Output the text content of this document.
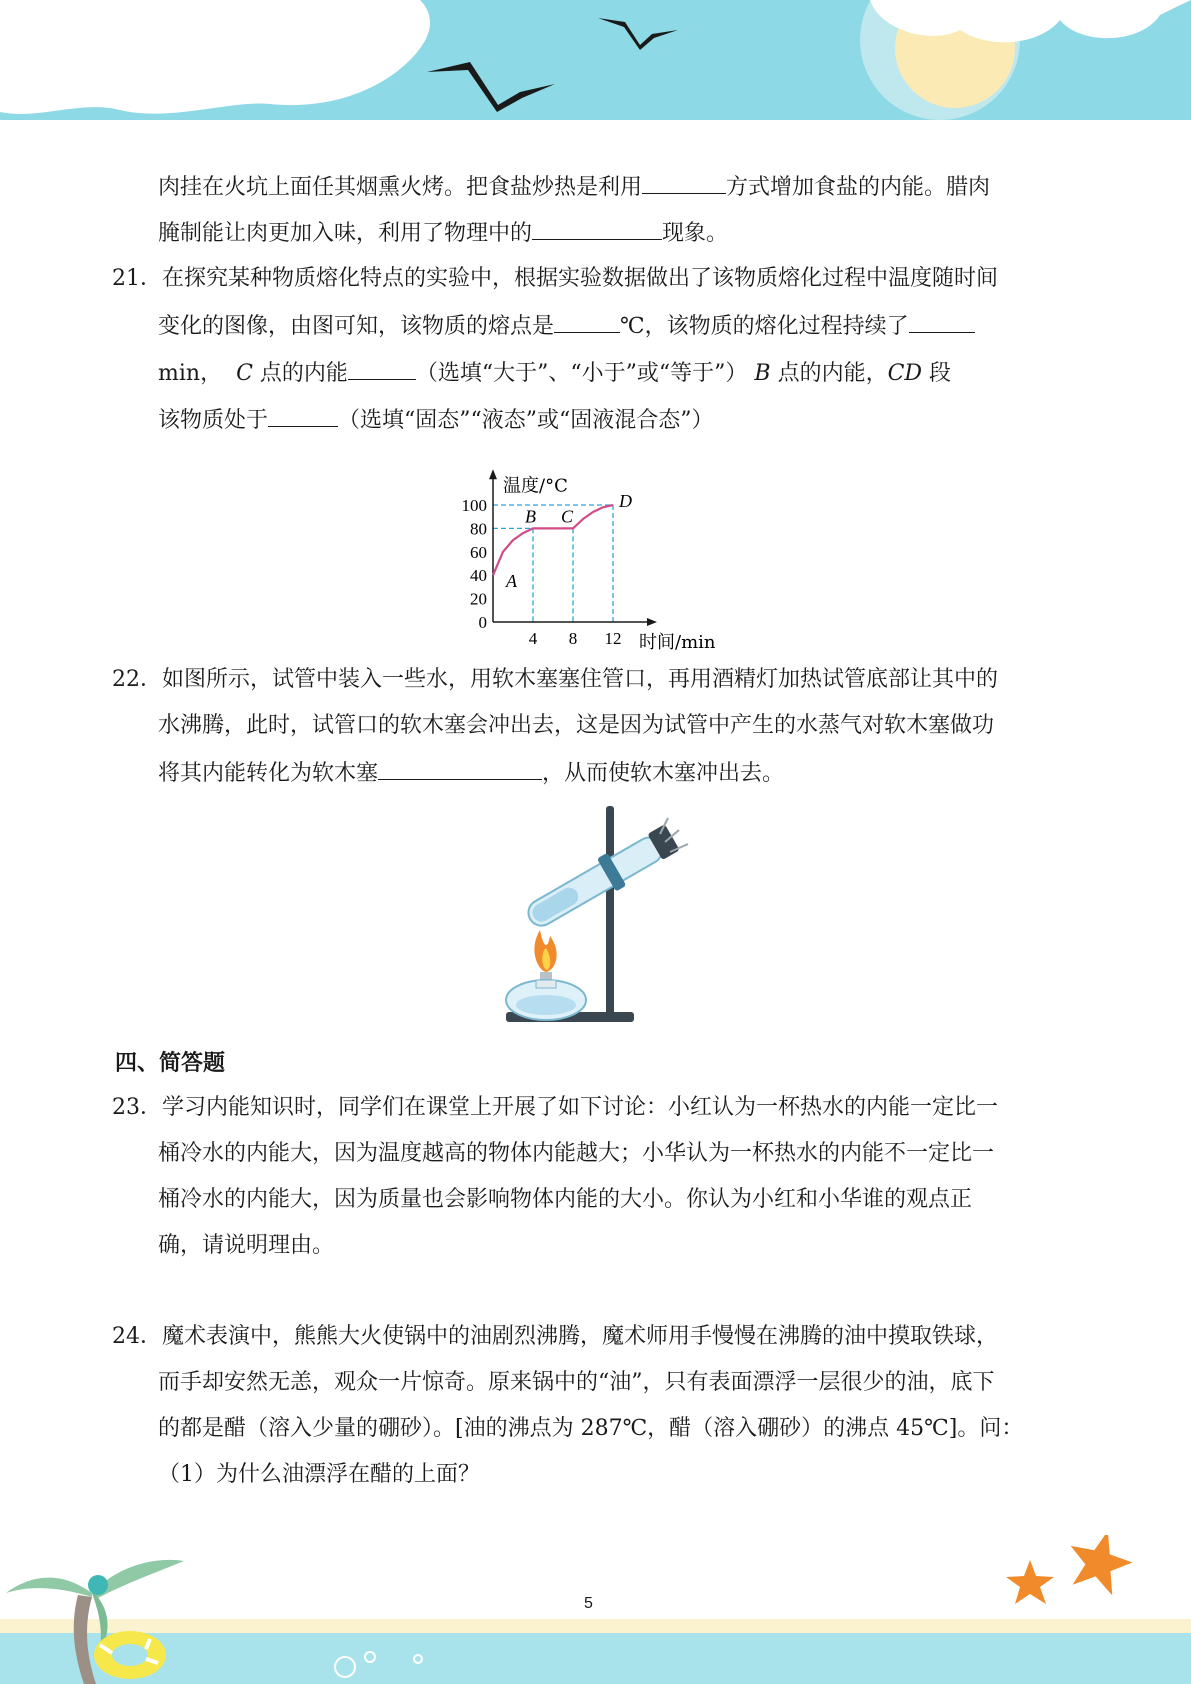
肉挂在火坑上面任其烟熏火烤。把食盐炒热是利用	方式增加食盐的内能。腊肉
腌制能让肉更加入味，利用了物理中的	现象。
21．在探究某种物质熔化特点的实验中，根据实验数据做出了该物质熔化过程中温度随时间
变化的图像，由图可知，该物质的熔点是	℃，该物质的熔化过程持续了
min， C 点的内能	（选填“大于”、“小于”或“等于”） B 点的内能，CD 段
该物质处于	（选填“固态”“液态”或“固液混合态”）
100
80
60
40
20
0
4 8 12
温度/°C
时间/min
A
B C
D
22．如图所示，试管中装入一些水，用软木塞塞住管口，再用酒精灯加热试管底部让其中的
水沸腾，此时，试管口的软木塞会冲出去，这是因为试管中产生的水蒸气对软木塞做功
将其内能转化为软木塞	，从而使软木塞冲出去。
四、简答题
23．学习内能知识时，同学们在课堂上开展了如下讨论：小红认为一杯热水的内能一定比一
桶冷水的内能大，因为温度越高的物体内能越大；小华认为一杯热水的内能不一定比一
桶冷水的内能大，因为质量也会影响物体内能的大小。你认为小红和小华谁的观点正
确，请说明理由。
24．魔术表演中，熊熊大火使锅中的油剧烈沸腾，魔术师用手慢慢在沸腾的油中摸取铁球，
而手却安然无恙，观众一片惊奇。原来锅中的“油”，只有表面漂浮一层很少的油，底下
的都是醋（溶入少量的硼砂）。[油的沸点为 287℃，醋（溶入硼砂）的沸点 45℃]。问：
（1）为什么油漂浮在醋的上面？
5
